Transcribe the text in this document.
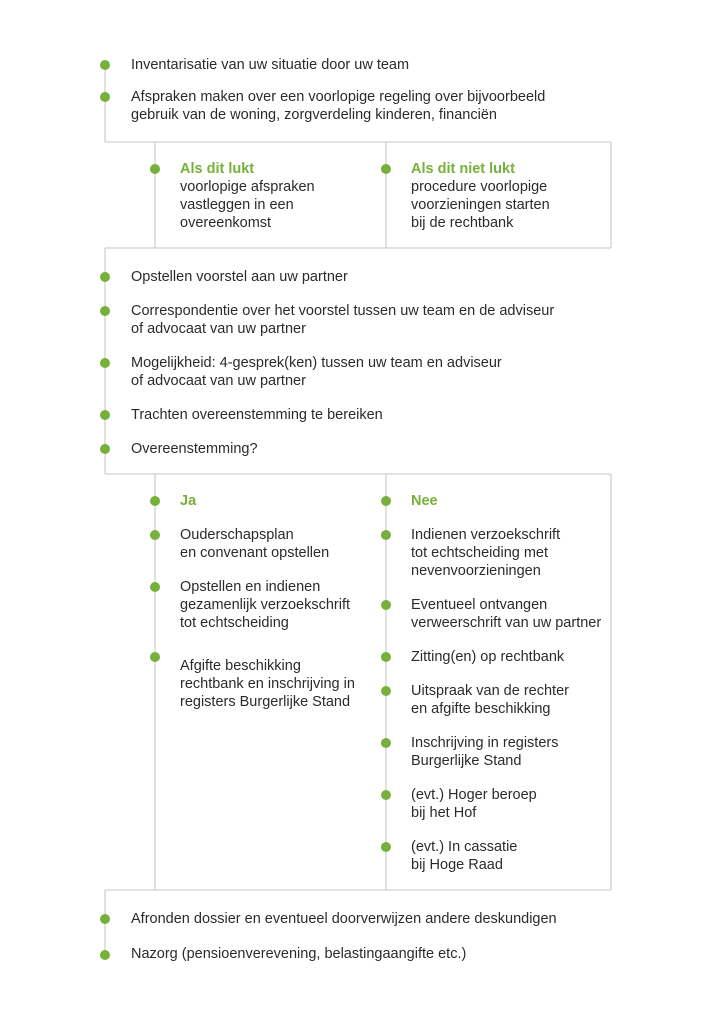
Inventarisatie van uw situatie door uw team
Afspraken maken over een voorlopige regeling over bijvoorbeeld
gebruik van de woning, zorgverdeling kinderen, financiën
Als dit lukt
voorlopige afspraken
vastleggen in een
overeenkomst
Als dit niet lukt
procedure voorlopige
voorzieningen starten
bij de rechtbank
Opstellen voorstel aan uw partner
Correspondentie over het voorstel tussen uw team en de adviseur
of advocaat van uw partner
Mogelijkheid: 4-gesprek(ken) tussen uw team en adviseur
of advocaat van uw partner
Trachten overeenstemming te bereiken
Overeenstemming?
Ja
Ouderschapsplan
en convenant opstellen
Opstellen en indienen
gezamenlijk verzoekschrift
tot echtscheiding
Afgifte beschikking
rechtbank en inschrijving in
registers Burgerlijke Stand
Nee
Indienen verzoekschrift
tot echtscheiding met
nevenvoorzieningen
Eventueel ontvangen
verweerschrift van uw partner
Zitting(en) op rechtbank
Uitspraak van de rechter
en afgifte beschikking
Inschrijving in registers
Burgerlijke Stand
(evt.) Hoger beroep
bij het Hof
(evt.) In cassatie
bij Hoge Raad
Afronden dossier en eventueel doorverwijzen andere deskundigen
Nazorg (pensioenverevening, belastingaangifte etc.)
